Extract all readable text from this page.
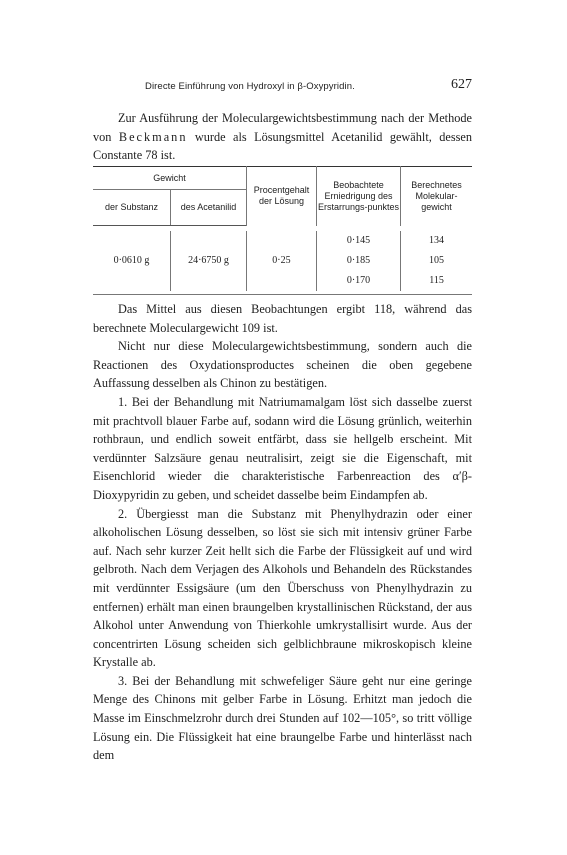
Directe Einführung von Hydroxyl in β-Oxypyridin.	627

Zur Ausführung der Moleculargewichtsbestimmung nach der Methode von Beckmann wurde als Lösungsmittel Acetanilid gewählt, dessen Constante 78 ist.

Gewicht		Procentgehalt der Lösung	Beobachtete Erniedrigung des Erstarrungs-punktes	Berechnetes Molekular-gewicht
der Substanz	des Acetanilid			

0·0610 g	24·6750 g	0·25	0·145	134
			0·185	105
			0·170	115

Das Mittel aus diesen Beobachtungen ergibt 118, während das berechnete Moleculargewicht 109 ist.

Nicht nur diese Moleculargewichtsbestimmung, sondern auch die Reactionen des Oxydationsproductes scheinen die oben gegebene Auffassung desselben als Chinon zu bestätigen.

1. Bei der Behandlung mit Natriumamalgam löst sich dasselbe zuerst mit prachtvoll blauer Farbe auf, sodann wird die Lösung grünlich, weiterhin rothbraun, und endlich soweit entfärbt, dass sie hellgelb erscheint. Mit verdünnter Salzsäure genau neutralisirt, zeigt sie die Eigenschaft, mit Eisenchlorid wieder die charakteristische Farbenreaction des α′β-Dioxypyridin zu geben, und scheidet dasselbe beim Eindampfen ab.

2. Übergiesst man die Substanz mit Phenylhydrazin oder einer alkoholischen Lösung desselben, so löst sie sich mit intensiv grüner Farbe auf. Nach sehr kurzer Zeit hellt sich die Farbe der Flüssigkeit auf und wird gelbroth. Nach dem Verjagen des Alkohols und Behandeln des Rückstandes mit verdünnter Essigsäure (um den Überschuss von Phenylhydrazin zu entfernen) erhält man einen braungelben krystallinischen Rückstand, der aus Alkohol unter Anwendung von Thierkohle umkrystallisirt wurde. Aus der concentrirten Lösung scheiden sich gelblichbraune mikroskopisch kleine Krystalle ab.

3. Bei der Behandlung mit schwefeliger Säure geht nur eine geringe Menge des Chinons mit gelber Farbe in Lösung. Erhitzt man jedoch die Masse im Einschmelzrohr durch drei Stunden auf 102—105°, so tritt völlige Lösung ein. Die Flüssigkeit hat eine braungelbe Farbe und hinterlässt nach dem
